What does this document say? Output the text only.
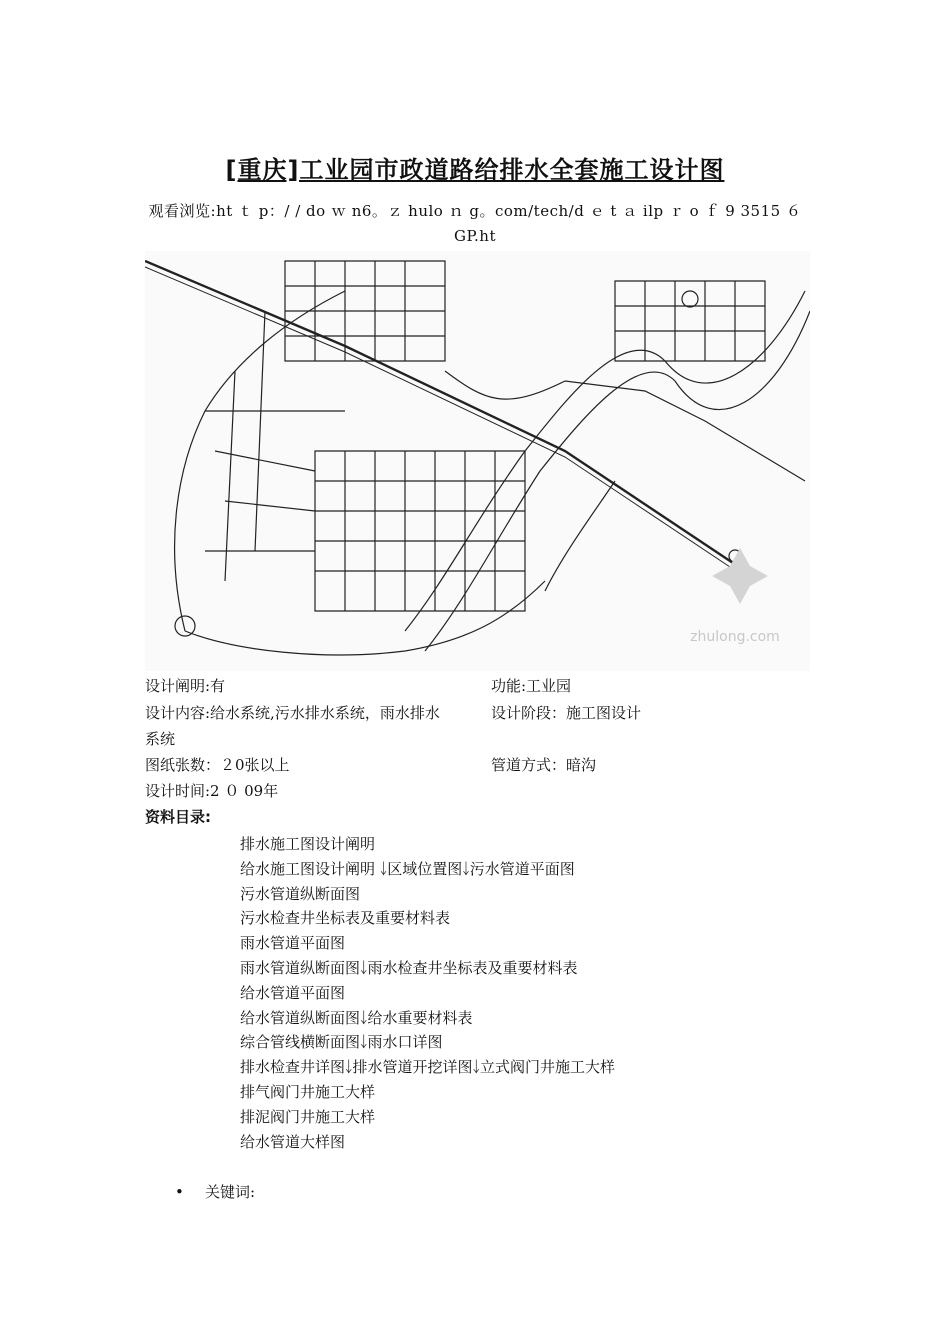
[重庆]工业园市政道路给排水全套施工设计图
观看浏览:ht ｔ p：/ / do ｗ n6。ｚ hulo ｎ g。com/tech/d ｅ t ａ ilp ｒ o ｆ 9 3515 ６ GP.ht
zhulong.com
设计阐明:有	功能:工业园
设计内容:给水系统,污水排水系统，雨水排水
系统
设计阶段：施工图设计
图纸张数：２0张以上	管道方式：暗沟
设计时间:2 ０ 09年
资料目录:
排水施工图设计阐明
给水施工图设计阐明 ￬区域位置图￬污水管道平面图
污水管道纵断面图
污水检查井坐标表及重要材料表
雨水管道平面图
雨水管道纵断面图￬雨水检查井坐标表及重要材料表
给水管道平面图
给水管道纵断面图￬给水重要材料表
综合管线横断面图￬雨水口详图
排水检查井详图￬排水管道开挖详图￬立式阀门井施工大样
排气阀门井施工大样
排泥阀门井施工大样
给水管道大样图
• 关键词:
